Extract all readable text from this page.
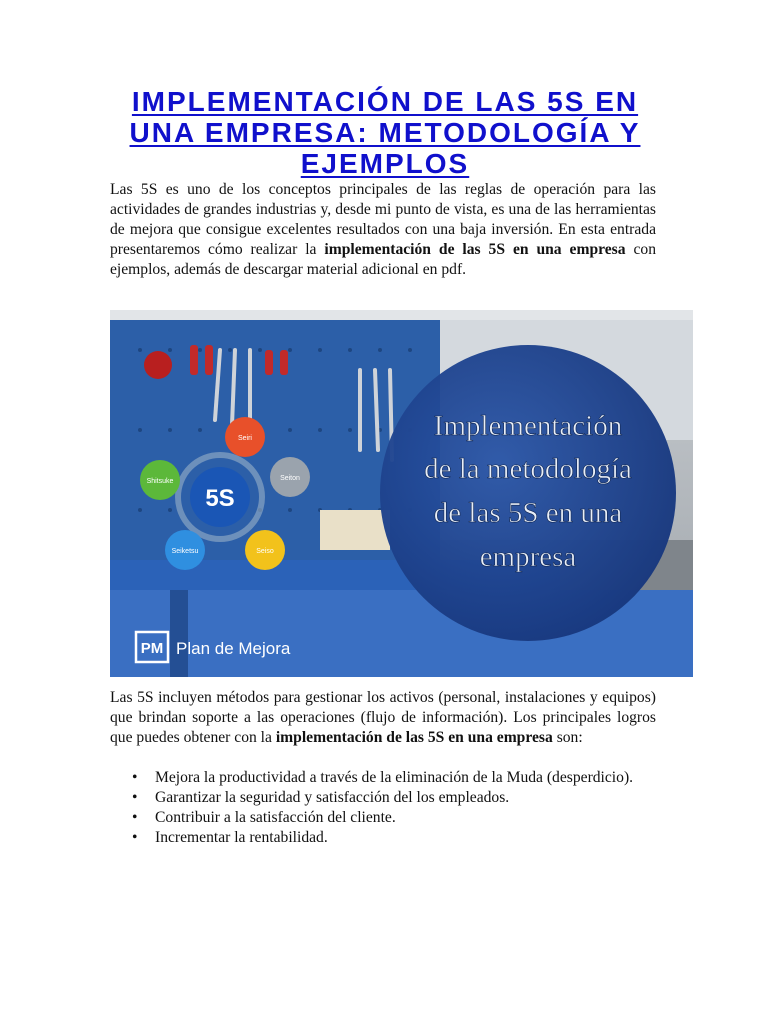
IMPLEMENTACIÓN DE LAS 5S EN UNA EMPRESA: METODOLOGÍA Y EJEMPLOS

Las 5S es uno de los conceptos principales de las reglas de operación para las actividades de grandes industrias y, desde mi punto de vista, es una de las herramientas de mejora que consigue excelentes resultados con una baja inversión. En esta entrada presentaremos cómo realizar la implementación de las 5S en una empresa con ejemplos, además de descargar material adicional en pdf.

5S
Seiri
Seiton
Seiso
Seiketsu
Shitsuke
Implementación
de la metodología
de las 5S en una
empresa
PM Plan de Mejora

Las 5S incluyen métodos para gestionar los activos (personal, instalaciones y equipos) que brindan soporte a las operaciones (flujo de información). Los principales logros que puedes obtener con la implementación de las 5S en una empresa son:

•	Mejora la productividad a través de la eliminación de la Muda (desperdicio).
•	Garantizar la seguridad y satisfacción del los empleados.
•	Contribuir a la satisfacción del cliente.
•	Incrementar la rentabilidad.
